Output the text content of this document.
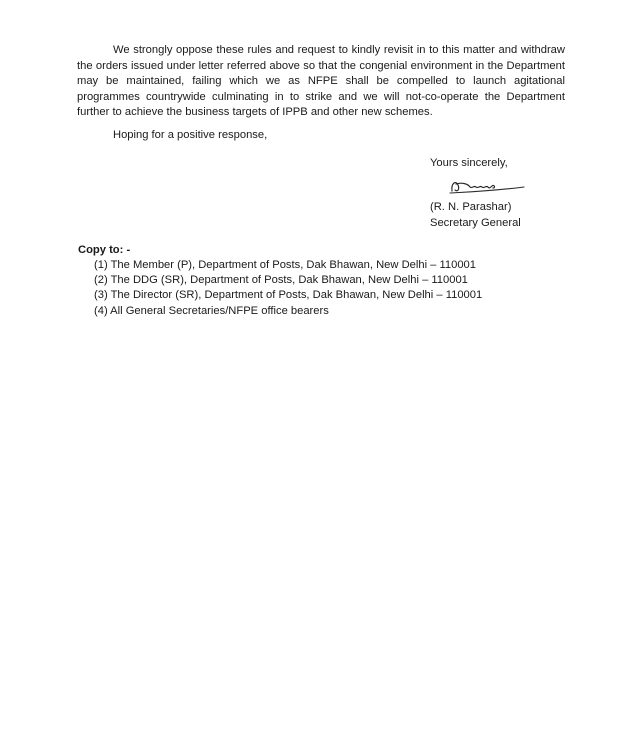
We strongly oppose these rules and request to kindly revisit in to this matter and withdraw the orders issued under letter referred above so that the congenial environment in the Department may be maintained, failing which we as NFPE shall be compelled to launch agitational programmes countrywide culminating in to strike and we will not-co-operate the Department further to achieve the business targets of IPPB and other new schemes.

Hoping for a positive response,

Yours sincerely,
(R. N. Parashar)
Secretary General
Copy to: -
(1) The Member (P), Department of Posts, Dak Bhawan, New Delhi – 110001
(2) The DDG (SR), Department of Posts, Dak Bhawan, New Delhi – 110001
(3) The Director (SR), Department of Posts, Dak Bhawan, New Delhi – 110001
(4) All General Secretaries/NFPE office bearers
